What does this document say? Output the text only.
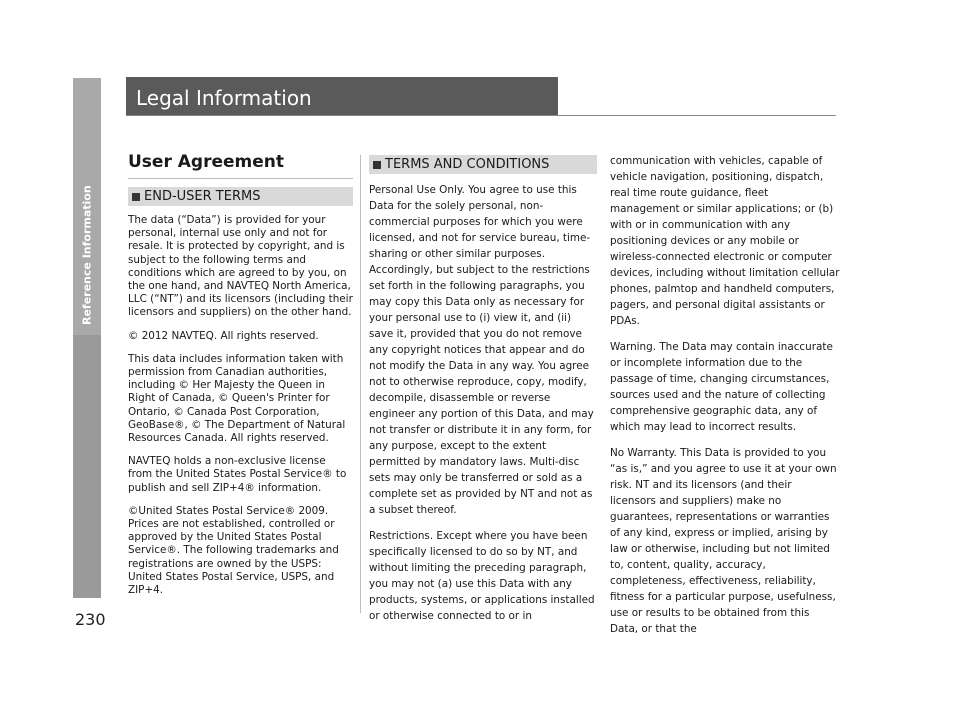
Reference Information
230
Legal Information
User Agreement
END-USER TERMS

The data (“Data”) is provided for your personal, internal use only and not for resale. It is protected by copyright, and is subject to the following terms and conditions which are agreed to by you, on the one hand, and NAVTEQ North America, LLC (“NT”) and its licensors (including their licensors and suppliers) on the other hand.

© 2012 NAVTEQ. All rights reserved.

This data includes information taken with permission from Canadian authorities, including © Her Majesty the Queen in Right of Canada, © Queen's Printer for Ontario, © Canada Post Corporation, GeoBase®, © The Department of Natural Resources Canada. All rights reserved.

NAVTEQ holds a non-exclusive license from the United States Postal Service® to publish and sell ZIP+4® information.

©United States Postal Service® 2009. Prices are not established, controlled or approved by the United States Postal Service®. The following trademarks and registrations are owned by the USPS: United States Postal Service, USPS, and ZIP+4.

TERMS AND CONDITIONS

Personal Use Only. You agree to use this Data for the solely personal, non-commercial purposes for which you were licensed, and not for service bureau, time-sharing or other similar purposes. Accordingly, but subject to the restrictions set forth in the following paragraphs, you may copy this Data only as necessary for your personal use to (i) view it, and (ii) save it, provided that you do not remove any copyright notices that appear and do not modify the Data in any way. You agree not to otherwise reproduce, copy, modify, decompile, disassemble or reverse engineer any portion of this Data, and may not transfer or distribute it in any form, for any purpose, except to the extent permitted by mandatory laws. Multi-disc sets may only be transferred or sold as a complete set as provided by NT and not as a subset thereof.

Restrictions. Except where you have been specifically licensed to do so by NT, and without limiting the preceding paragraph, you may not (a) use this Data with any products, systems, or applications installed or otherwise connected to or in

communication with vehicles, capable of vehicle navigation, positioning, dispatch, real time route guidance, fleet management or similar applications; or (b) with or in communication with any positioning devices or any mobile or wireless-connected electronic or computer devices, including without limitation cellular phones, palmtop and handheld computers, pagers, and personal digital assistants or PDAs.

Warning. The Data may contain inaccurate or incomplete information due to the passage of time, changing circumstances, sources used and the nature of collecting comprehensive geographic data, any of which may lead to incorrect results.

No Warranty. This Data is provided to you “as is,” and you agree to use it at your own risk. NT and its licensors (and their licensors and suppliers) make no guarantees, representations or warranties of any kind, express or implied, arising by law or otherwise, including but not limited to, content, quality, accuracy, completeness, effectiveness, reliability, fitness for a particular purpose, usefulness, use or results to be obtained from this Data, or that the
